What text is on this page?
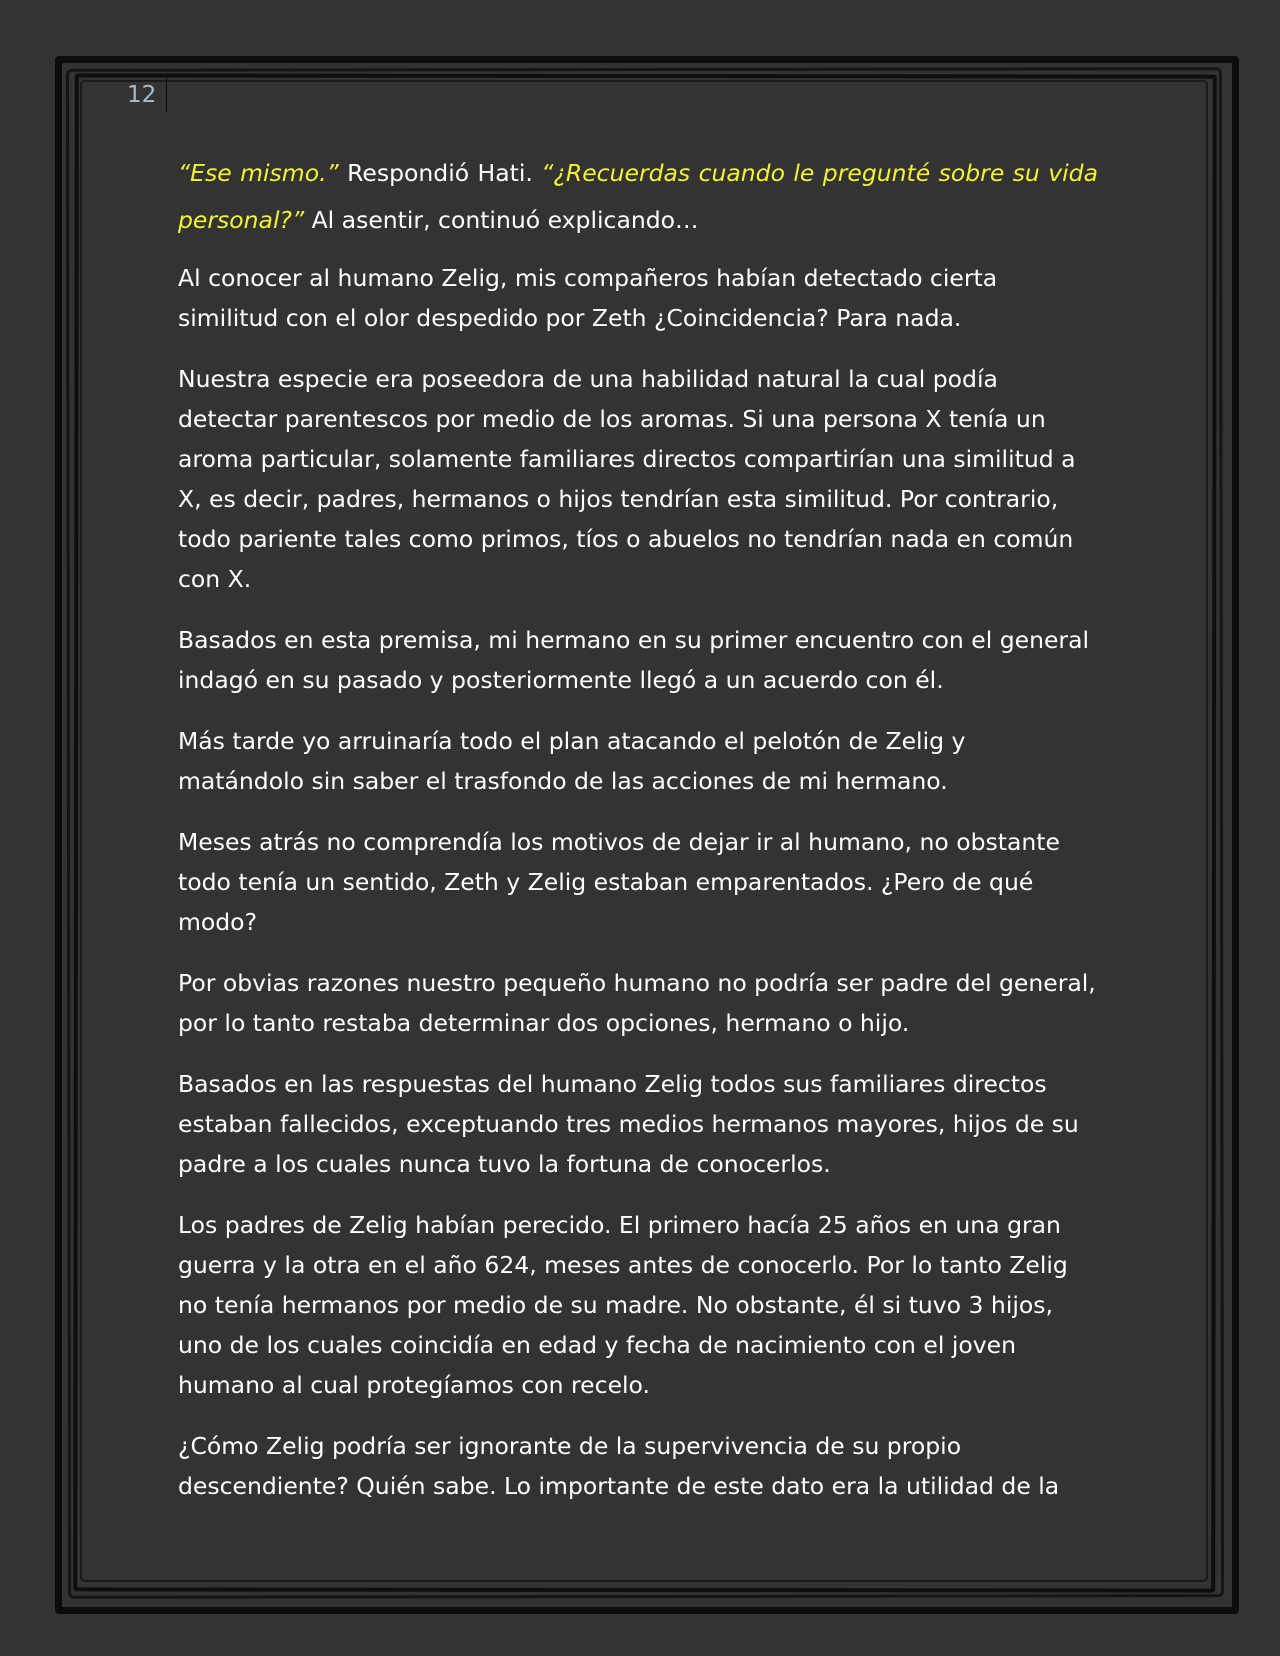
12

“Ese mismo.” Respondió Hati. “¿Recuerdas cuando le pregunté sobre su vida personal?” Al asentir, continuó explicando…

Al conocer al humano Zelig, mis compañeros habían detectado cierta similitud con el olor despedido por Zeth ¿Coincidencia? Para nada.

Nuestra especie era poseedora de una habilidad natural la cual podía detectar parentescos por medio de los aromas. Si una persona X tenía un aroma particular, solamente familiares directos compartirían una similitud a X, es decir, padres, hermanos o hijos tendrían esta similitud. Por contrario, todo pariente tales como primos, tíos o abuelos no tendrían nada en común con X.

Basados en esta premisa, mi hermano en su primer encuentro con el general indagó en su pasado y posteriormente llegó a un acuerdo con él.

Más tarde yo arruinaría todo el plan atacando el pelotón de Zelig y matándolo sin saber el trasfondo de las acciones de mi hermano.

Meses atrás no comprendía los motivos de dejar ir al humano, no obstante todo tenía un sentido, Zeth y Zelig estaban emparentados. ¿Pero de qué modo?

Por obvias razones nuestro pequeño humano no podría ser padre del general, por lo tanto restaba determinar dos opciones, hermano o hijo.

Basados en las respuestas del humano Zelig todos sus familiares directos estaban fallecidos, exceptuando tres medios hermanos mayores, hijos de su padre a los cuales nunca tuvo la fortuna de conocerlos.

Los padres de Zelig habían perecido. El primero hacía 25 años en una gran guerra y la otra en el año 624, meses antes de conocerlo. Por lo tanto Zelig no tenía hermanos por medio de su madre. No obstante, él si tuvo 3 hijos, uno de los cuales coincidía en edad y fecha de nacimiento con el joven humano al cual protegíamos con recelo.

¿Cómo Zelig podría ser ignorante de la supervivencia de su propio descendiente? Quién sabe. Lo importante de este dato era la utilidad de la
